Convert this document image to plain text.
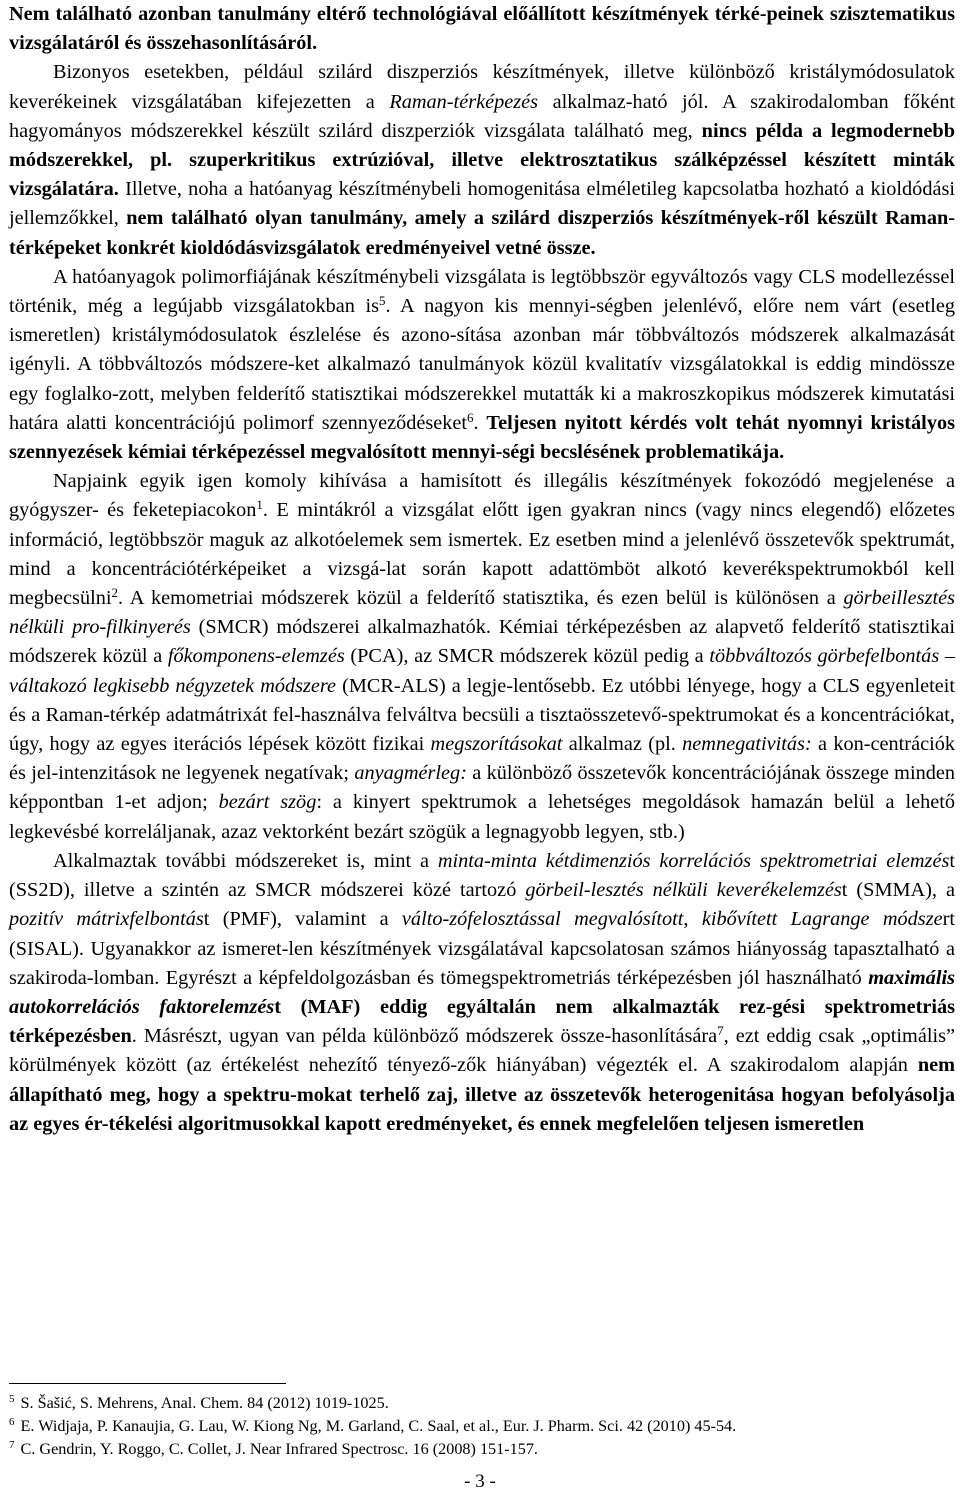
Nem található azonban tanulmány eltérő technológiával előállított készítmények térké-peinek szisztematikus vizsgálatáról és összehasonlításáról.

Bizonyos esetekben, például szilárd diszperziós készítmények, illetve különböző kristálymódosulatok keverékeinek vizsgálatában kifejezetten a Raman-térképezés alkalmaz-ható jól. A szakirodalomban főként hagyományos módszerekkel készült szilárd diszperziók vizsgálata található meg, nincs példa a legmodernebb módszerekkel, pl. szuperkritikus extrúzióval, illetve elektrosztatikus szálképzéssel készített minták vizsgálatára. Illetve, noha a hatóanyag készítménybeli homogenitása elméletileg kapcsolatba hozható a kioldódási jellemzőkkel, nem található olyan tanulmány, amely a szilárd diszperziós készítmények-ről készült Raman-térképeket konkrét kioldódásvizsgálatok eredményeivel vetné össze.

A hatóanyagok polimorfiájának készítménybeli vizsgálata is legtöbbször egyváltozós vagy CLS modellezéssel történik, még a legújabb vizsgálatokban $is^5$. A nagyon kis mennyi-ségben jelenlévő, előre nem várt (esetleg ismeretlen) kristálymódosulatok észlelése és azono-sítása azonban már többváltozós módszerek alkalmazását igényli. A többváltozós módszere-ket alkalmazó tanulmányok közül kvalitatív vizsgálatokkal is eddig mindössze egy foglalko-zott, melyben felderítő statisztikai módszerekkel mutatták ki a makroszkopikus módszerek kimutatási határa alatti koncentrációjú polimorf szennyeződéseket$^6$. Teljesen nyitott kérdés volt tehát nyomnyi kristályos szennyezések kémiai térképezéssel megvalósított mennyi-ségi becslésének problematikája.

Napjaink egyik igen komoly kihívása a hamisított és illegális készítmények fokozódó megjelenése a gyógyszer- és feketepiacokon$^1$. E mintákról a vizsgálat előtt igen gyakran nincs (vagy nincs elegendő) előzetes információ, legtöbbször maguk az alkotóelemek sem ismertek. Ez esetben mind a jelenlévő összetevők spektrumát, mind a koncentrációtérképeiket a vizsgá-lat során kapott adattömböt alkotó keverékspektrumokból kell megbecsülni$^2$. A kemometriai módszerek közül a felderítő statisztika, és ezen belül is különösen a görbeillesztés nélküli pro-filkinyerés (SMCR) módszerei alkalmazhatók. Kémiai térképezésben az alapvető felderítő statisztikai módszerek közül a főkomponens-elemzés (PCA), az SMCR módszerek közül pedig a többváltozós görbefelbontás – váltakozó legkisebb négyzetek módszere (MCR-ALS) a legje-lentősebb. Ez utóbbi lényege, hogy a CLS egyenleteit és a Raman-térkép adatmátrixát fel-használva felváltva becsüli a tisztaösszetevő-spektrumokat és a koncentrációkat, úgy, hogy az egyes iterációs lépések között fizikai megszorításokat alkalmaz (pl. nemnegativitás: a kon-centrációk és jel-intenzitások ne legyenek negatívak; anyagmérleg: a különböző összetevők koncentrációjának összege minden képpontban 1-et adjon; bezárt szög: a kinyert spektrumok a lehetséges megoldások hamazán belül a lehető legkevésbé korreláljanak, azaz vektorként bezárt szögük a legnagyobb legyen, stb.)

Alkalmaztak további módszereket is, mint a minta-minta kétdimenziós korrelációs spektrometriai elemzést (SS2D), illetve a szintén az SMCR módszerei közé tartozó görbeil-lesztés nélküli keverékelemzést (SMMA), a pozitív mátrixfelbontást (PMF), valamint a válto-zófelosztással megvalósított, kibővített Lagrange módszert (SISAL). Ugyanakkor az ismeret-len készítmények vizsgálatával kapcsolatosan számos hiányosság tapasztalható a szakiroda-lomban. Egyrészt a képfeldolgozásban és tömegspektrometriás térképezésben jól használható maximális autokorrelációs faktorelemzést (MAF) eddig egyáltalán nem alkalmazták rez-gési spektrometriás térképezésben. Másrészt, ugyan van példa különböző módszerek össze-hasonlítására$^7$, ezt eddig csak „optimális” körülmények között (az értékelést nehezítő tényező-zők hiányában) végezték el. A szakirodalom alapján nem állapítható meg, hogy a spektru-mokat terhelő zaj, illetve az összetevők heterogenitása hogyan befolyásolja az egyes ér-tékelési algoritmusokkal kapott eredményeket, és ennek megfelelően teljesen ismeretlen

$^5$ S. Šašić, S. Mehrens, Anal. Chem. 84 (2012) 1019-1025.
$^6$ E. Widjaja, P. Kanaujia, G. Lau, W. Kiong Ng, M. Garland, C. Saal, et al., Eur. J. Pharm. Sci. 42 (2010) 45-54.
$^7$ C. Gendrin, Y. Roggo, C. Collet, J. Near Infrared Spectrosc. 16 (2008) 151-157.
- 3 -
